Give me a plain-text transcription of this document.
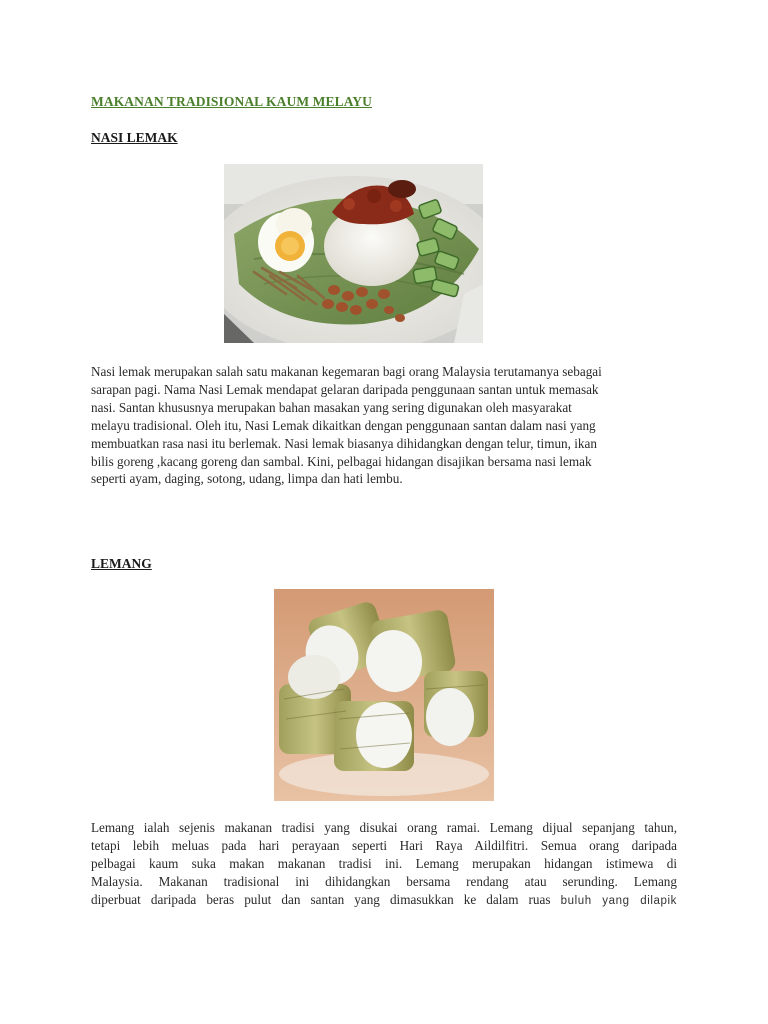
MAKANAN TRADISIONAL KAUM MELAYU
NASI LEMAK
Nasi lemak merupakan salah satu makanan kegemaran bagi orang Malaysia terutamanya sebagai
sarapan pagi. Nama Nasi Lemak mendapat gelaran daripada penggunaan santan untuk memasak
nasi. Santan khususnya merupakan bahan masakan yang sering digunakan oleh masyarakat
melayu tradisional. Oleh itu, Nasi Lemak dikaitkan dengan penggunaan santan dalam nasi yang
membuatkan rasa nasi itu berlemak. Nasi lemak biasanya dihidangkan dengan telur, timun, ikan
bilis goreng ,kacang goreng dan sambal. Kini, pelbagai hidangan disajikan bersama nasi lemak
seperti ayam, daging, sotong, udang, limpa dan hati lembu.
LEMANG
Lemang ialah sejenis makanan tradisi yang disukai orang ramai. Lemang dijual sepanjang tahun,
tetapi lebih meluas pada hari perayaan seperti Hari Raya Aildilfitri. Semua orang daripada
pelbagai kaum suka makan makanan tradisi ini. Lemang merupakan hidangan istimewa di
Malaysia. Makanan tradisional ini dihidangkan bersama rendang atau serunding. Lemang
diperbuat daripada beras pulut dan santan yang dimasukkan ke dalam ruas buluh yang dilapik
